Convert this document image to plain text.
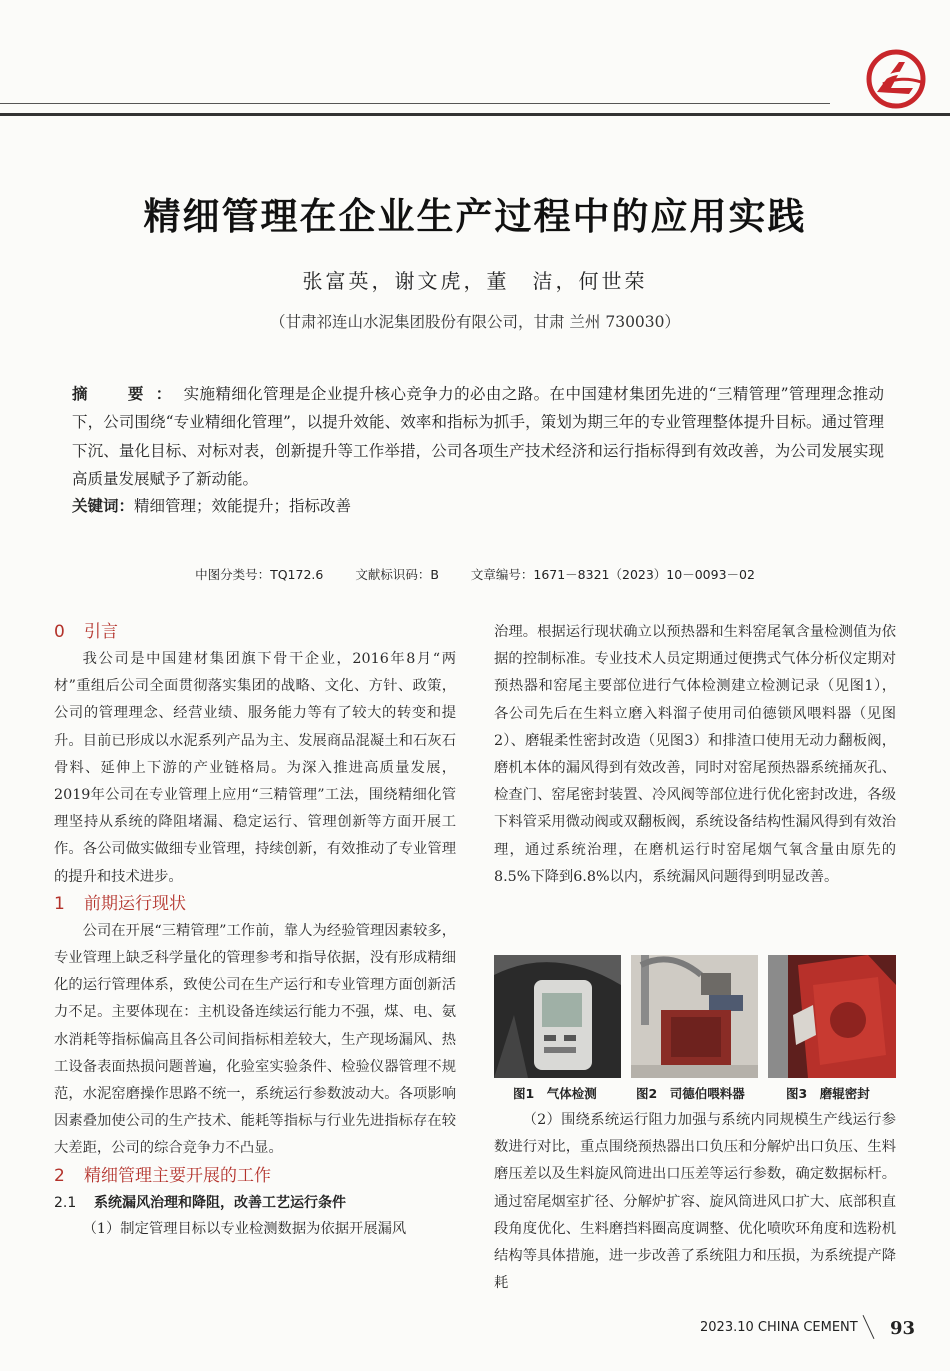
精细管理在企业生产过程中的应用实践
张富英，谢文虎，董　洁，何世荣
（甘肃祁连山水泥集团股份有限公司，甘肃 兰州 730030）
摘　要：实施精细化管理是企业提升核心竞争力的必由之路。在中国建材集团先进的“三精管理”管理理念推动下，公司围绕“专业精细化管理”，以提升效能、效率和指标为抓手，策划为期三年的专业管理整体提升目标。通过管理下沉、量化目标、对标对表，创新提升等工作举措，公司各项生产技术经济和运行指标得到有效改善，为公司发展实现高质量发展赋予了新动能。
关键词：精细管理；效能提升；指标改善
中图分类号：TQ172.6	文献标识码：B	文章编号：1671－8321（2023）10－0093－02
0 引言

我公司是中国建材集团旗下骨干企业，2016年8月“两材”重组后公司全面贯彻落实集团的战略、文化、方针、政策，公司的管理理念、经营业绩、服务能力等有了较大的转变和提升。目前已形成以水泥系列产品为主、发展商品混凝土和石灰石骨料、延伸上下游的产业链格局。为深入推进高质量发展，2019年公司在专业管理上应用“三精管理”工法，围绕精细化管理坚持从系统的降阻堵漏、稳定运行、管理创新等方面开展工作。各公司做实做细专业管理，持续创新，有效推动了专业管理的提升和技术进步。

1 前期运行现状

公司在开展“三精管理”工作前，靠人为经验管理因素较多，专业管理上缺乏科学量化的管理参考和指导依据，没有形成精细化的运行管理体系，致使公司在生产运行和专业管理方面创新活力不足。主要体现在：主机设备连续运行能力不强，煤、电、氨水消耗等指标偏高且各公司间指标相差较大，生产现场漏风、热工设备表面热损问题普遍，化验室实验条件、检验仪器管理不规范，水泥窑磨操作思路不统一，系统运行参数波动大。各项影响因素叠加使公司的生产技术、能耗等指标与行业先进指标存在较大差距，公司的综合竞争力不凸显。

2 精细管理主要开展的工作
2.1 系统漏风治理和降阻，改善工艺运行条件

（1）制定管理目标以专业检测数据为依据开展漏风

治理。根据运行现状确立以预热器和生料窑尾氧含量检测值为依据的控制标准。专业技术人员定期通过便携式气体分析仪定期对预热器和窑尾主要部位进行气体检测建立检测记录（见图1），各公司先后在生料立磨入料溜子使用司伯德锁风喂料器（见图2）、磨辊柔性密封改造（见图3）和排渣口使用无动力翻板阀，磨机本体的漏风得到有效改善，同时对窑尾预热器系统捅灰孔、检查门、窑尾密封装置、冷风阀等部位进行优化密封改进，各级下料管采用微动阀或双翻板阀，系统设备结构性漏风得到有效治理，通过系统治理，在磨机运行时窑尾烟气氧含量由原先的8.5%下降到6.8%以内，系统漏风问题得到明显改善。

图1　气体检测	图2　司德伯喂料器	图3　磨辊密封

（2）围绕系统运行阻力加强与系统内同规模生产线运行参数进行对比，重点围绕预热器出口负压和分解炉出口负压、生料磨压差以及生料旋风筒进出口压差等运行参数，确定数据标杆。通过窑尾烟室扩径、分解炉扩容、旋风筒进风口扩大、底部积直段角度优化、生料磨挡料圈高度调整、优化喷吹环角度和选粉机结构等具体措施，进一步改善了系统阻力和压损，为系统提产降耗

2023.10 CHINA CEMENT 93
